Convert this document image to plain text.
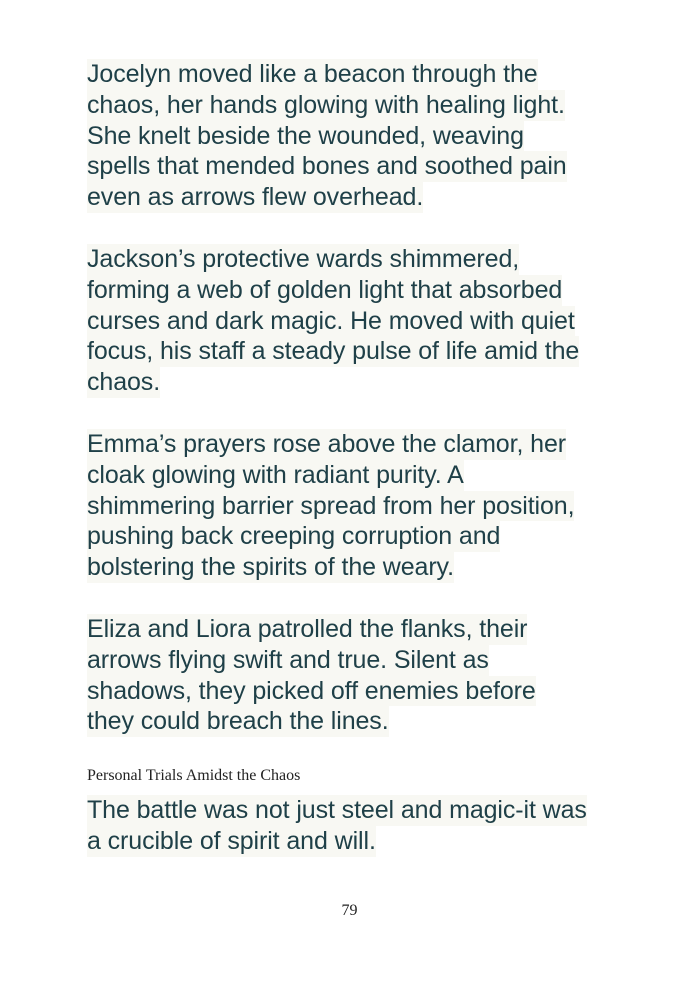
Jocelyn moved like a beacon through the
chaos, her hands glowing with healing light.
She knelt beside the wounded, weaving
spells that mended bones and soothed pain
even as arrows flew overhead.
Jackson’s protective wards shimmered,
forming a web of golden light that absorbed
curses and dark magic. He moved with quiet
focus, his staff a steady pulse of life amid the
chaos.
Emma’s prayers rose above the clamor, her
cloak glowing with radiant purity. A
shimmering barrier spread from her position,
pushing back creeping corruption and
bolstering the spirits of the weary.
Eliza and Liora patrolled the flanks, their
arrows flying swift and true. Silent as
shadows, they picked off enemies before
they could breach the lines.
Personal Trials Amidst the Chaos
The battle was not just steel and magic-it was
a crucible of spirit and will.
79
